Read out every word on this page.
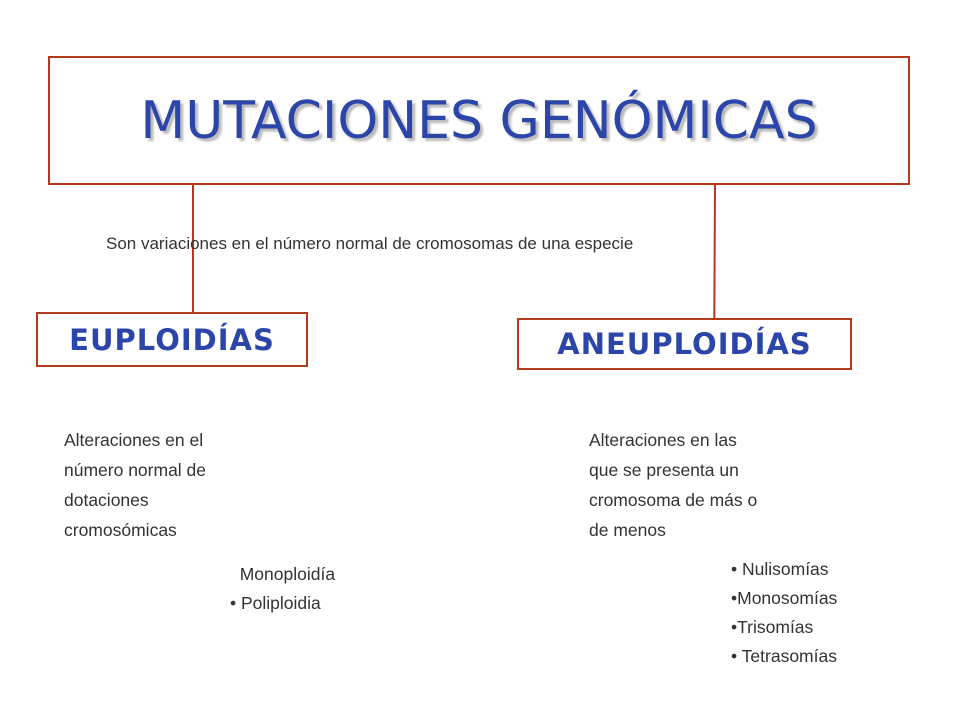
MUTACIONES GENÓMICAS
Son variaciones en el número normal de cromosomas de una especie
EUPLOIDÍAS	ANEUPLOIDÍAS
Alteraciones en el
número normal de
dotaciones
cromosómicas
Alteraciones en las
que se presenta un
cromosoma de más o
de menos
Monoploidía
• Poliploidia
• Nulisomías
•Monosomías
•Trisomías
• Tetrasomías
